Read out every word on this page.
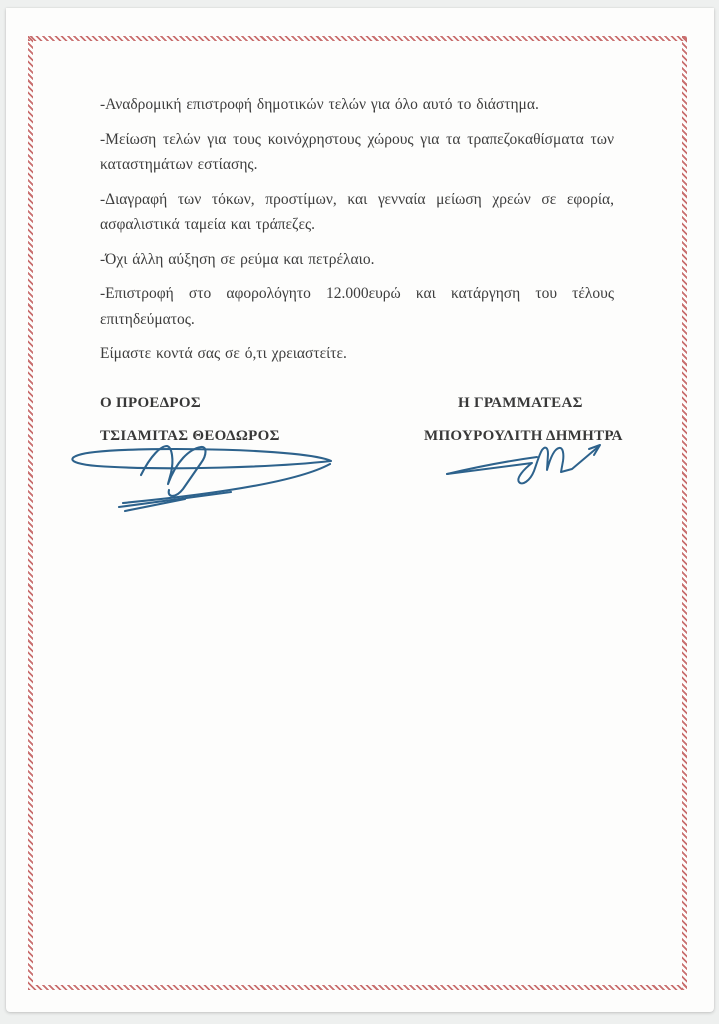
-Αναδρομική επιστροφή δημοτικών τελών για όλο αυτό το διάστημα.

-Μείωση τελών για τους κοινόχρηστους χώρους για τα τραπεζοκαθίσματα των καταστημάτων εστίασης.

-Διαγραφή των τόκων, προστίμων, και γενναία μείωση χρεών σε εφορία, ασφαλιστικά ταμεία και τράπεζες.

-Όχι άλλη αύξηση σε ρεύμα και πετρέλαιο.

-Επιστροφή στο αφορολόγητο 12.000ευρώ και κατάργηση του τέλους επιτηδεύματος.

Είμαστε κοντά σας σε ό,τι χρειαστείτε.

Ο ΠΡΟΕΔΡΟΣ	Η ΓΡΑΜΜΑΤΕΑΣ
ΤΣΙΑΜΙΤΑΣ ΘΕΟΔΩΡΟΣ	ΜΠΟΥΡΟΥΛΙΤΗ ΔΗΜΗΤΡΑ
